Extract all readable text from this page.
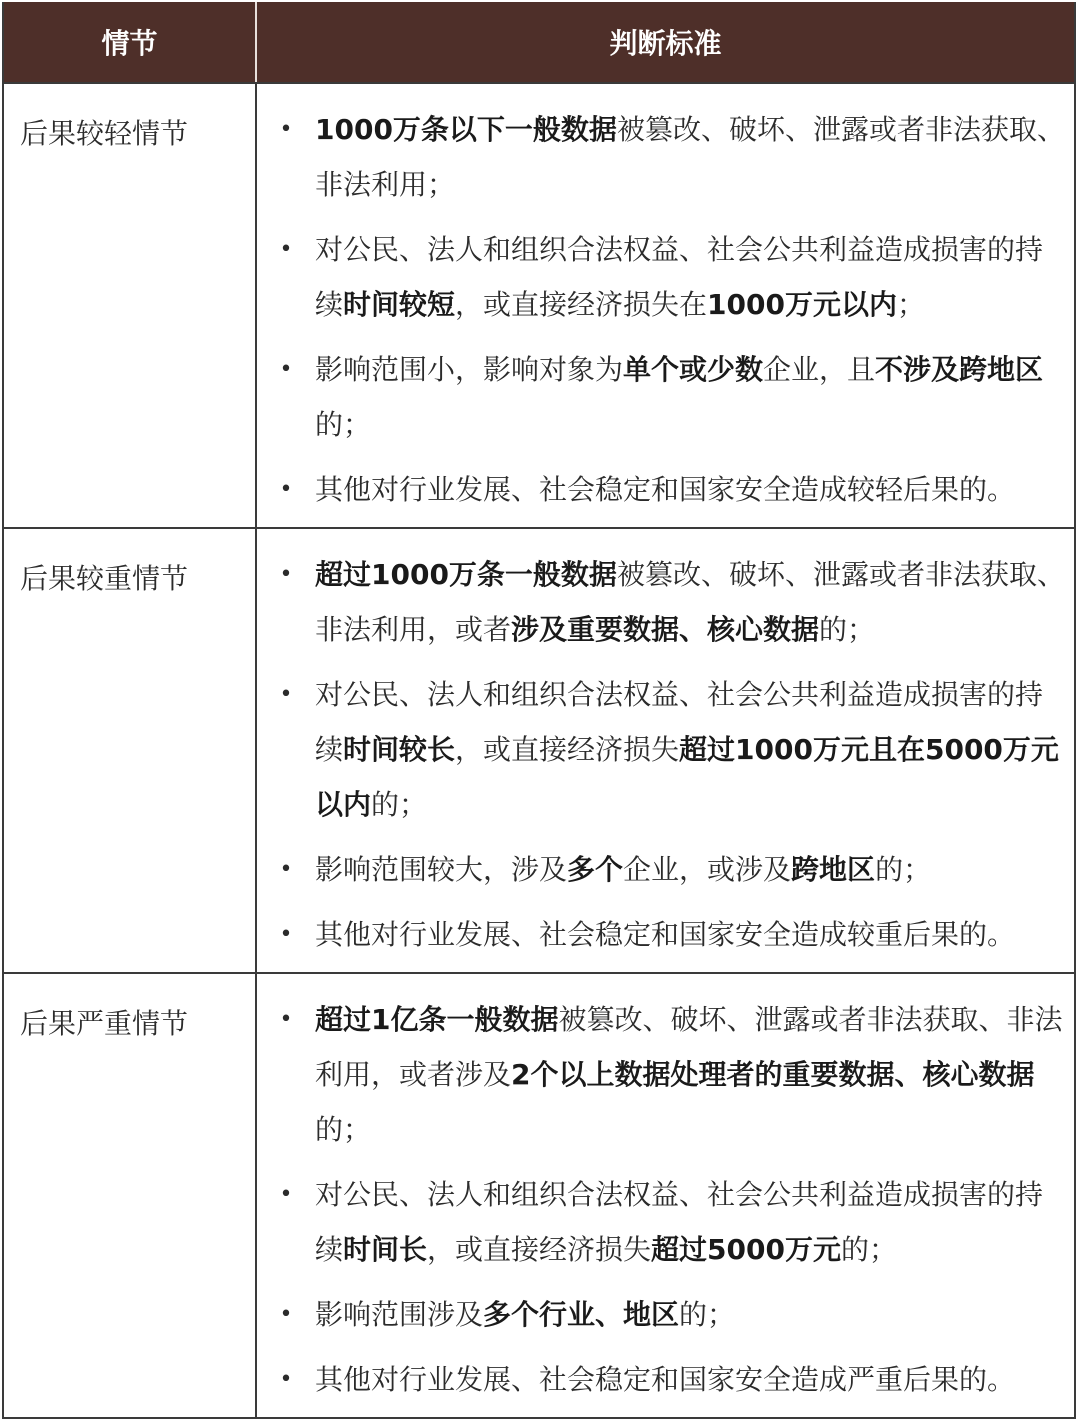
情节	判断标准
后果较轻情节	• 1000万条以下一般数据被篡改、破坏、泄露或者非法获取、非法利用；
• 对公民、法人和组织合法权益、社会公共利益造成损害的持续时间较短，或直接经济损失在1000万元以内；
• 影响范围小，影响对象为单个或少数企业，且不涉及跨地区的；
• 其他对行业发展、社会稳定和国家安全造成较轻后果的。
后果较重情节	• 超过1000万条一般数据被篡改、破坏、泄露或者非法获取、非法利用，或者涉及重要数据、核心数据的；
• 对公民、法人和组织合法权益、社会公共利益造成损害的持续时间较长，或直接经济损失超过1000万元且在5000万元以内的；
• 影响范围较大，涉及多个企业，或涉及跨地区的；
• 其他对行业发展、社会稳定和国家安全造成较重后果的。
后果严重情节	• 超过1亿条一般数据被篡改、破坏、泄露或者非法获取、非法利用，或者涉及2个以上数据处理者的重要数据、核心数据的；
• 对公民、法人和组织合法权益、社会公共利益造成损害的持续时间长，或直接经济损失超过5000万元的；
• 影响范围涉及多个行业、地区的；
• 其他对行业发展、社会稳定和国家安全造成严重后果的。
